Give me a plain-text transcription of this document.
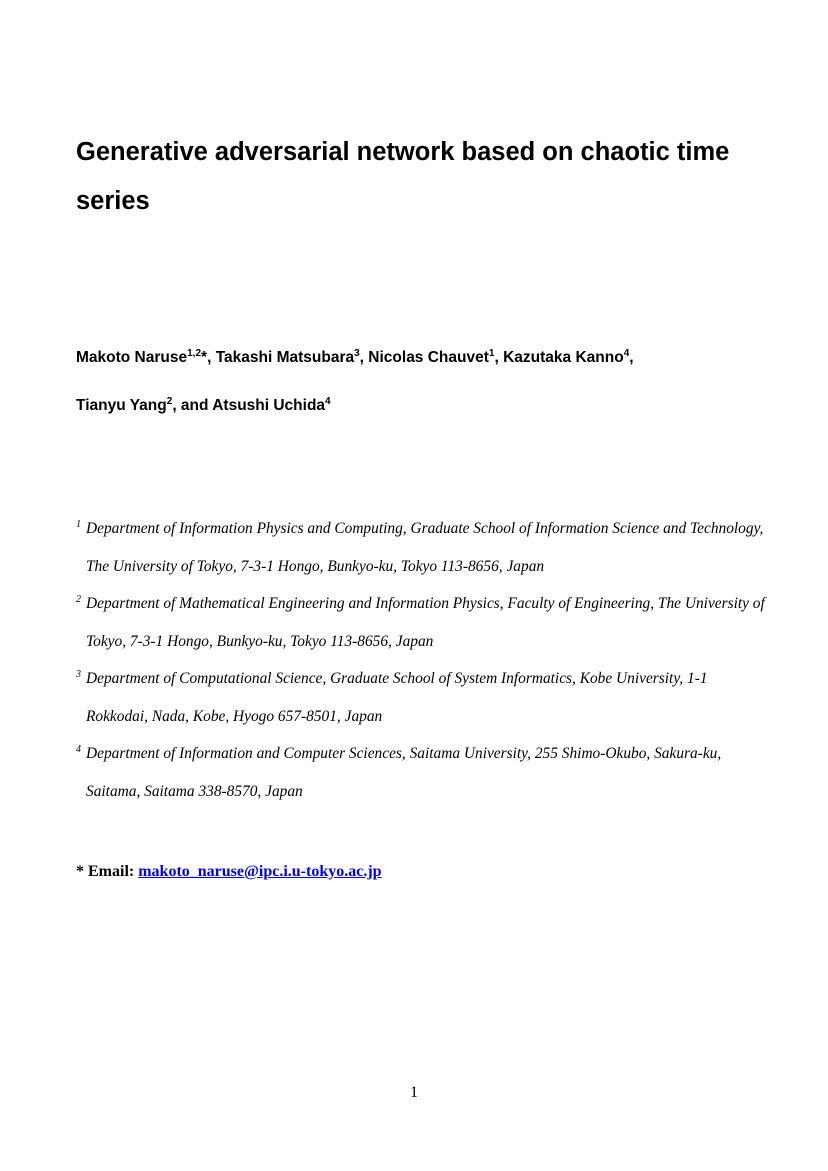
Generative adversarial network based on chaotic time
series
Makoto Naruse$^{1,2}$*, Takashi Matsubara$^3$, Nicolas Chauvet$^1$, Kazutaka Kanno$^4$,
Tianyu Yang$^2$, and Atsushi Uchida$^4$
$^1$ Department of Information Physics and Computing, Graduate School of Information Science and Technology, The University of Tokyo, 7-3-1 Hongo, Bunkyo-ku, Tokyo 113-8656, Japan
$^2$ Department of Mathematical Engineering and Information Physics, Faculty of Engineering, The University of Tokyo, 7-3-1 Hongo, Bunkyo-ku, Tokyo 113-8656, Japan
$^3$ Department of Computational Science, Graduate School of System Informatics, Kobe University, 1-1 Rokkodai, Nada, Kobe, Hyogo 657-8501, Japan
$^4$ Department of Information and Computer Sciences, Saitama University, 255 Shimo-Okubo, Sakura-ku, Saitama, Saitama 338-8570, Japan
* Email: makoto_naruse@ipc.i.u-tokyo.ac.jp
1
